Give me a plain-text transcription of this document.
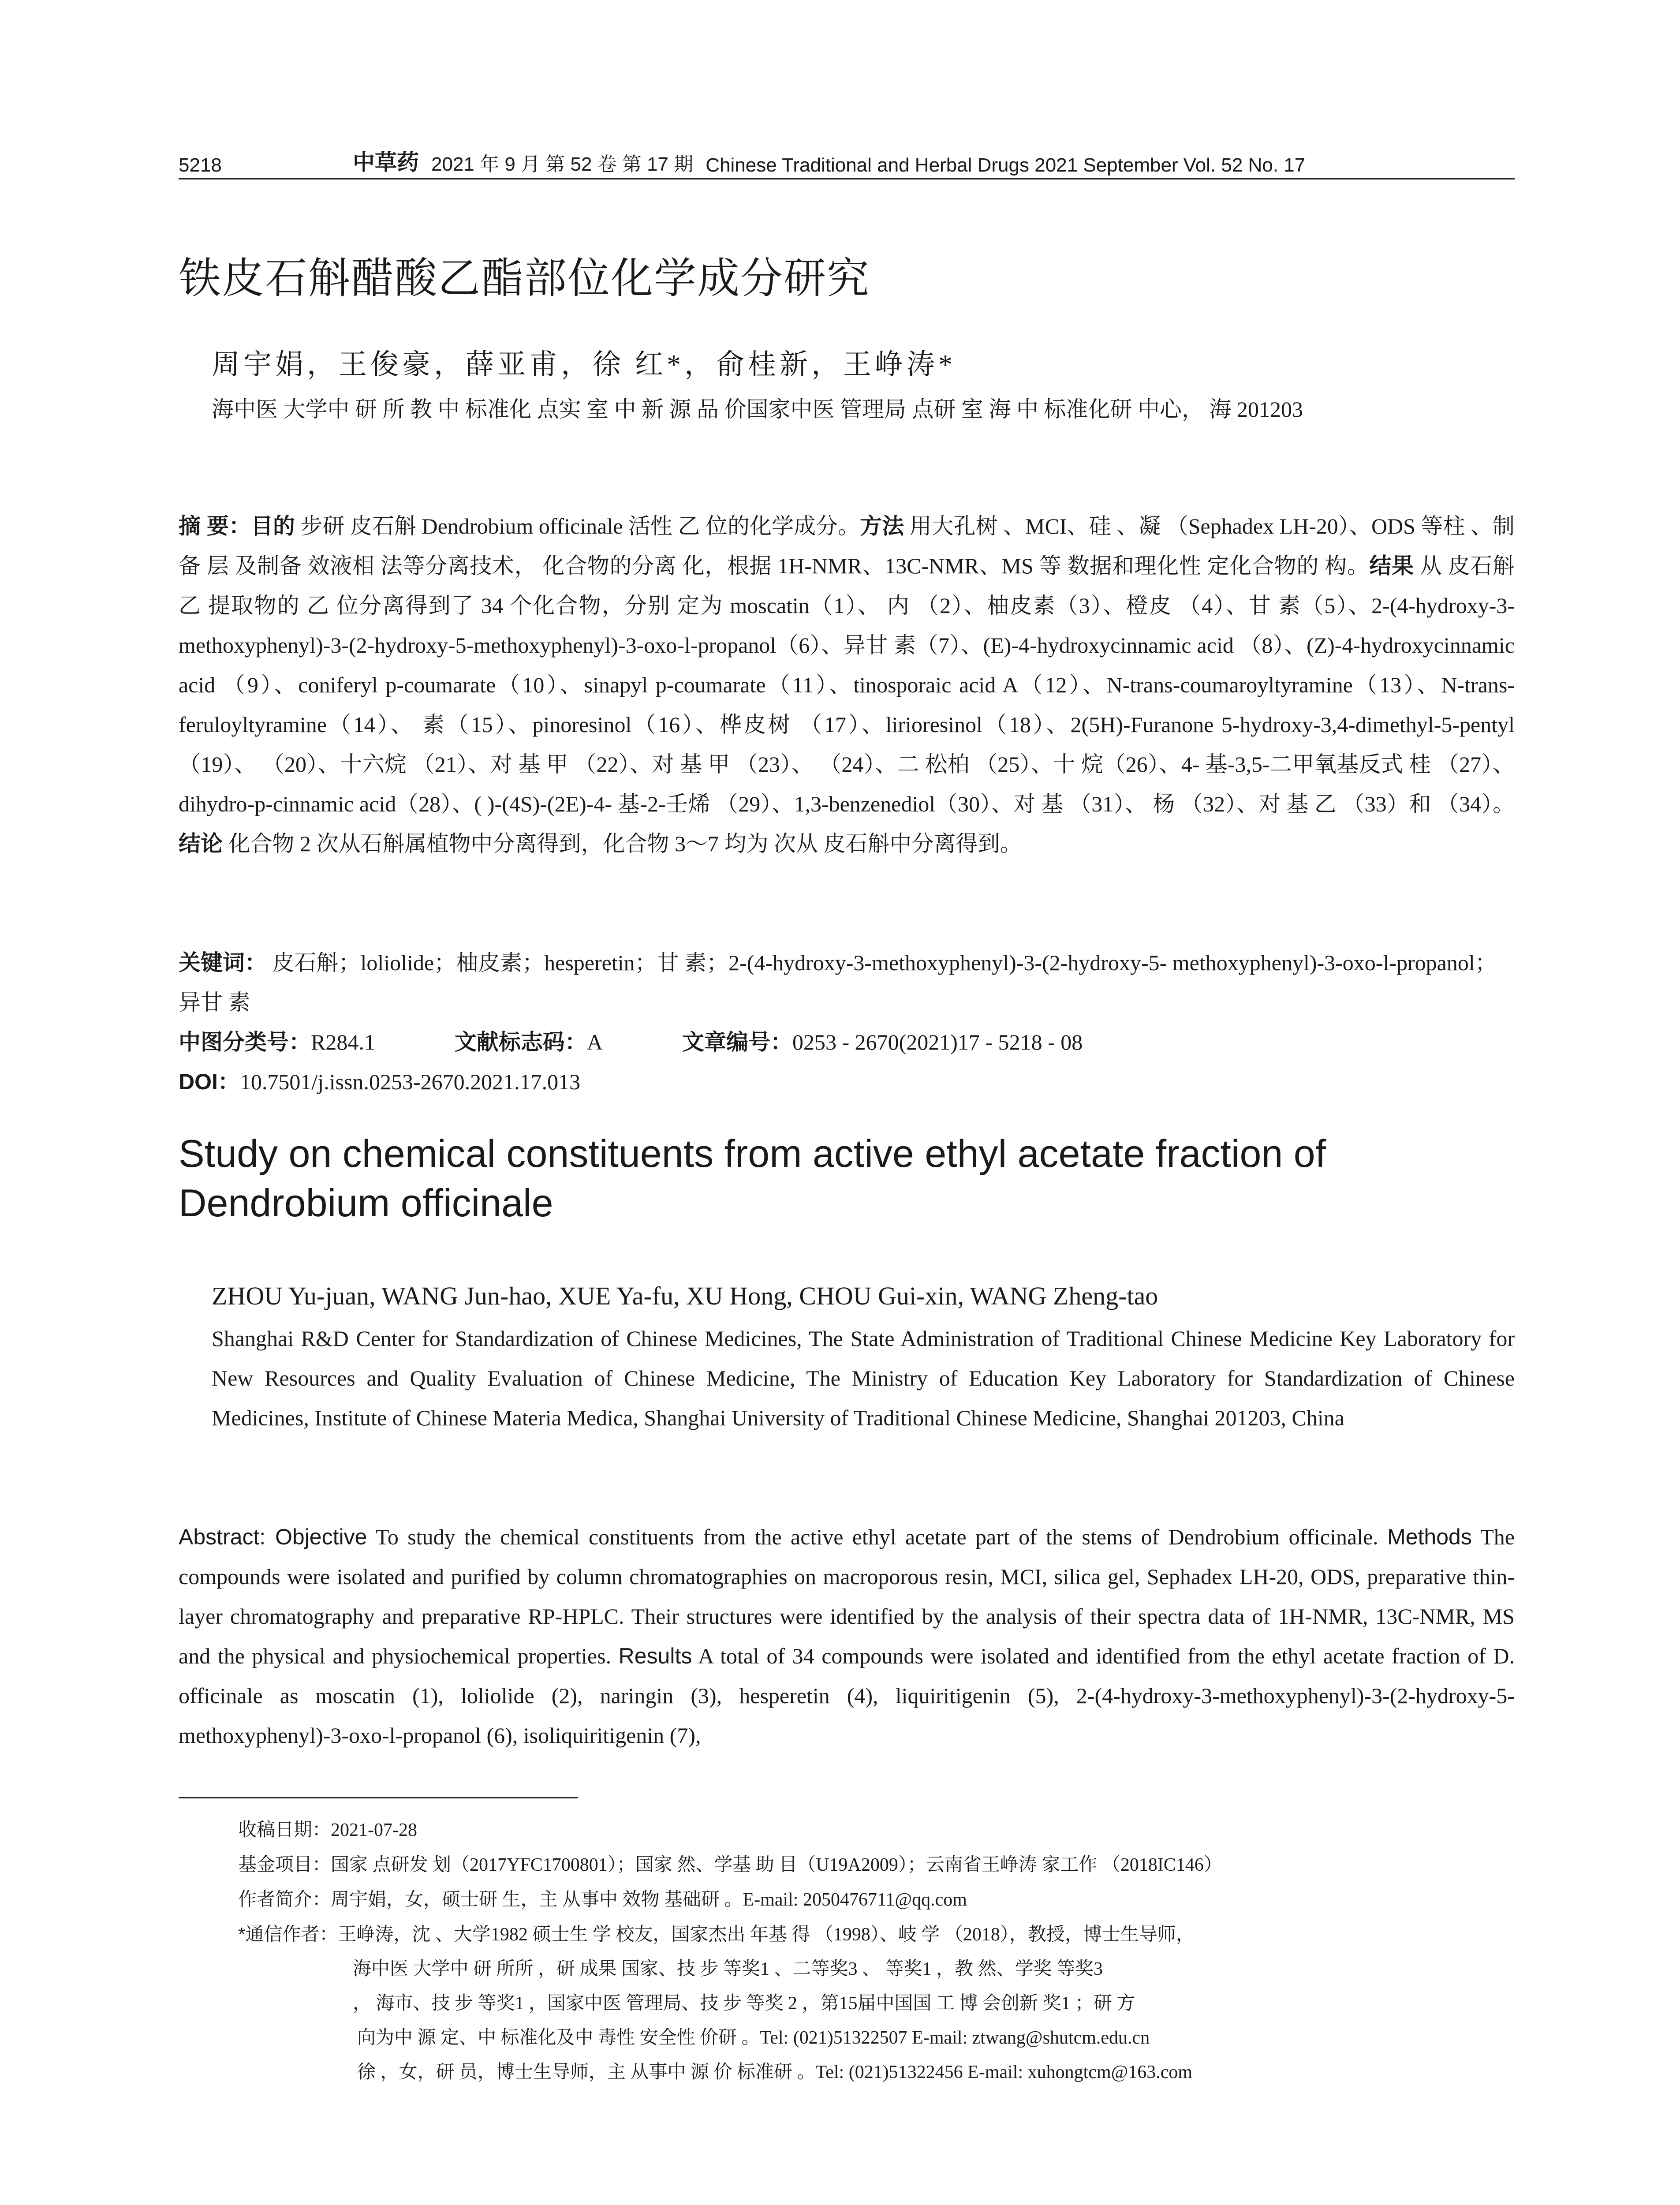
5218	中草药 2021 年 9 月 第 52 卷 第 17 期 Chinese Traditional and Herbal Drugs 2021 September Vol. 52 No. 17
铁皮石斛醋酸乙酯部位化学成分研究
周宇娟，王俊豪，薛亚甫，徐 红*，俞桂新，王峥涛*
海中医 大学中 研 所 教 中 标准化 点实 室 中 新 源 品 价国家中医 管理局 点研 室 海 中 标准化研 中心， 海 201203
摘 要：目的 步研 皮石斛 Dendrobium officinale 活性 乙 位的化学成分。方法 用大孔树 、MCI、硅 、凝 （Sephadex LH-20）、ODS 等柱 、制备 层 及制备 效液相 法等分离技术， 化合物的分离 化，根据 1H-NMR、13C-NMR、MS 等 数据和理化性 定化合物的 构。结果 从 皮石斛乙 提取物的 乙 位分离得到了 34 个化合物，分别 定为 moscatin（1）、 内 （2）、柚皮素（3）、橙皮 （4）、甘 素（5）、2-(4-hydroxy-3-methoxyphenyl)-3-(2-hydroxy-5-methoxyphenyl)-3-oxo-l-propanol（6）、异甘 素（7）、(E)-4-hydroxycinnamic acid （8）、(Z)-4-hydroxycinnamic acid （9）、coniferyl p-coumarate（10）、sinapyl p-coumarate（11）、tinosporaic acid A（12）、N-trans-coumaroyltyramine（13）、N-trans-feruloyltyramine（14）、 素（15）、pinoresinol（16）、桦皮树 （17）、lirioresinol（18）、2(5H)-Furanone 5-hydroxy-3,4-dimethyl-5-pentyl（19）、 （20）、十六烷 （21）、对 基 甲 （22）、对 基 甲 （23）、 （24）、二 松柏 （25）、十 烷（26）、4- 基-3,5-二甲氧基反式 桂 （27）、dihydro-p-cinnamic acid（28）、( )-(4S)-(2E)-4- 基-2-壬烯 （29）、1,3-benzenediol（30）、对 基 （31）、 杨 （32）、对 基 乙 （33）和 （34）。结论 化合物 2 次从石斛属植物中分离得到，化合物 3～7 均为 次从 皮石斛中分离得到。
关键词： 皮石斛；loliolide；柚皮素；hesperetin；甘 素；2-(4-hydroxy-3-methoxyphenyl)-3-(2-hydroxy-5- methoxyphenyl)-3-oxo-l-propanol；异甘 素
中图分类号：R284.1	文献标志码：A	文章编号：0253 - 2670(2021)17 - 5218 - 08
DOI：10.7501/j.issn.0253-2670.2021.17.013
Study on chemical constituents from active ethyl acetate fraction of Dendrobium officinale
ZHOU Yu-juan, WANG Jun-hao, XUE Ya-fu, XU Hong, CHOU Gui-xin, WANG Zheng-tao
Shanghai R&D Center for Standardization of Chinese Medicines, The State Administration of Traditional Chinese Medicine Key Laboratory for New Resources and Quality Evaluation of Chinese Medicine, The Ministry of Education Key Laboratory for Standardization of Chinese Medicines, Institute of Chinese Materia Medica, Shanghai University of Traditional Chinese Medicine, Shanghai 201203, China
Abstract: Objective To study the chemical constituents from the active ethyl acetate part of the stems of Dendrobium officinale. Methods The compounds were isolated and purified by column chromatographies on macroporous resin, MCI, silica gel, Sephadex LH-20, ODS, preparative thin-layer chromatography and preparative RP-HPLC. Their structures were identified by the analysis of their spectra data of 1H-NMR, 13C-NMR, MS and the physical and physiochemical properties. Results A total of 34 compounds were isolated and identified from the ethyl acetate fraction of D. officinale as moscatin (1), loliolide (2), naringin (3), hesperetin (4), liquiritigenin (5), 2-(4-hydroxy-3-methoxyphenyl)-3-(2-hydroxy-5-methoxyphenyl)-3-oxo-l-propanol (6), isoliquiritigenin (7),

收稿日期：2021-07-28

基金项目：国家 点研发 划（2017YFC1700801）；国家 然、学基 助 目（U19A2009）；云南省王峥涛 家工作 （2018IC146）

作者简介：周宇娟，女，硕士研 生，主 从事中 效物 基础研 。E-mail: 2050476711@qq.com

*通信作者：王峥涛，沈 、大学1982 硕士生 学 校友，国家杰出 年基 得 （1998）、岐 学 （2018），教授，博士生导师，

海中医 大学中 研 所所 ，研 成果 国家、技 步 等奖1 、二等奖3 、 等奖1 ，教 然、学奖 等奖3

， 海市、技 步 等奖1 ，国家中医 管理局、技 步 等奖 2 ，第15届中国国 工 博 会创新 奖1 ；研 方

向为中 源 定、中 标准化及中 毒性 安全性 价研 。Tel: (021)51322507 E-mail: ztwang@shutcm.edu.cn

徐 ，女，研 员，博士生导师，主 从事中 源 价 标准研 。Tel: (021)51322456 E-mail: xuhongtcm@163.com
